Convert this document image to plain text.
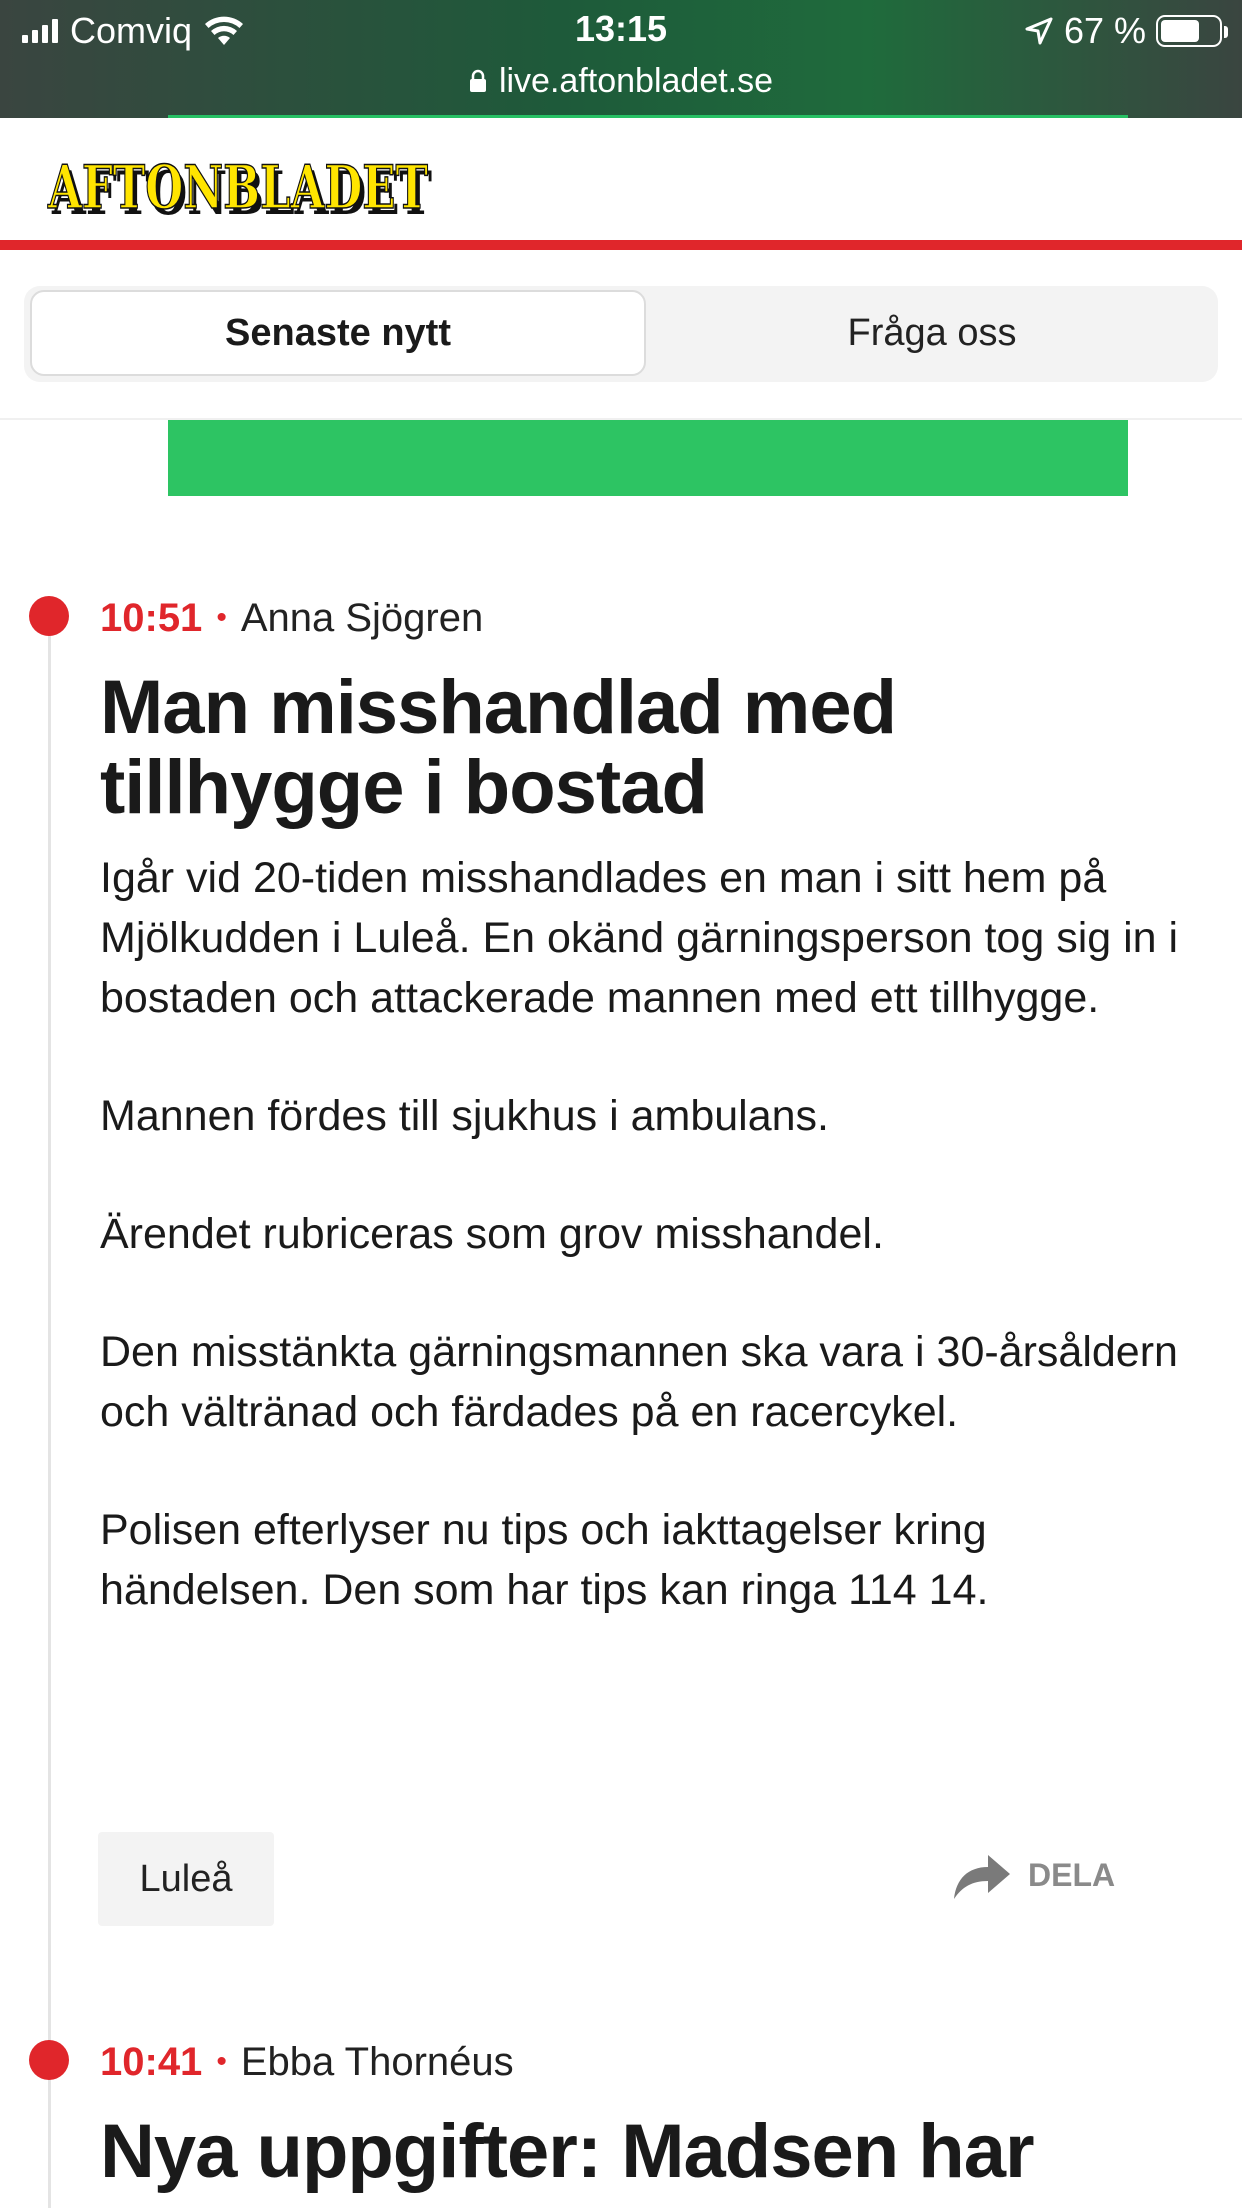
Comviq	13:15	67 %
live.aftonbladet.se
AFTONBLADET
AFTONBLADET
Senaste nytt	Fråga oss
10:51 • Anna Sjögren
Man misshandlad med tillhygge i bostad

Igår vid 20-tiden misshandlades en man i sitt hem på Mjölkudden i Luleå. En okänd gärningsperson tog sig in i bostaden och attackerade mannen med ett tillhygge.

Mannen fördes till sjukhus i ambulans.

Ärendet rubriceras som grov misshandel.

Den misstänkta gärningsmannen ska vara i 30-årsåldern och vältränad och färdades på en racercykel.

Polisen efterlyser nu tips och iakttagelser kring händelsen. Den som har tips kan ringa 114 14.

Luleå	DELA
10:41 • Ebba Thornéus
Nya uppgifter: Madsen har
